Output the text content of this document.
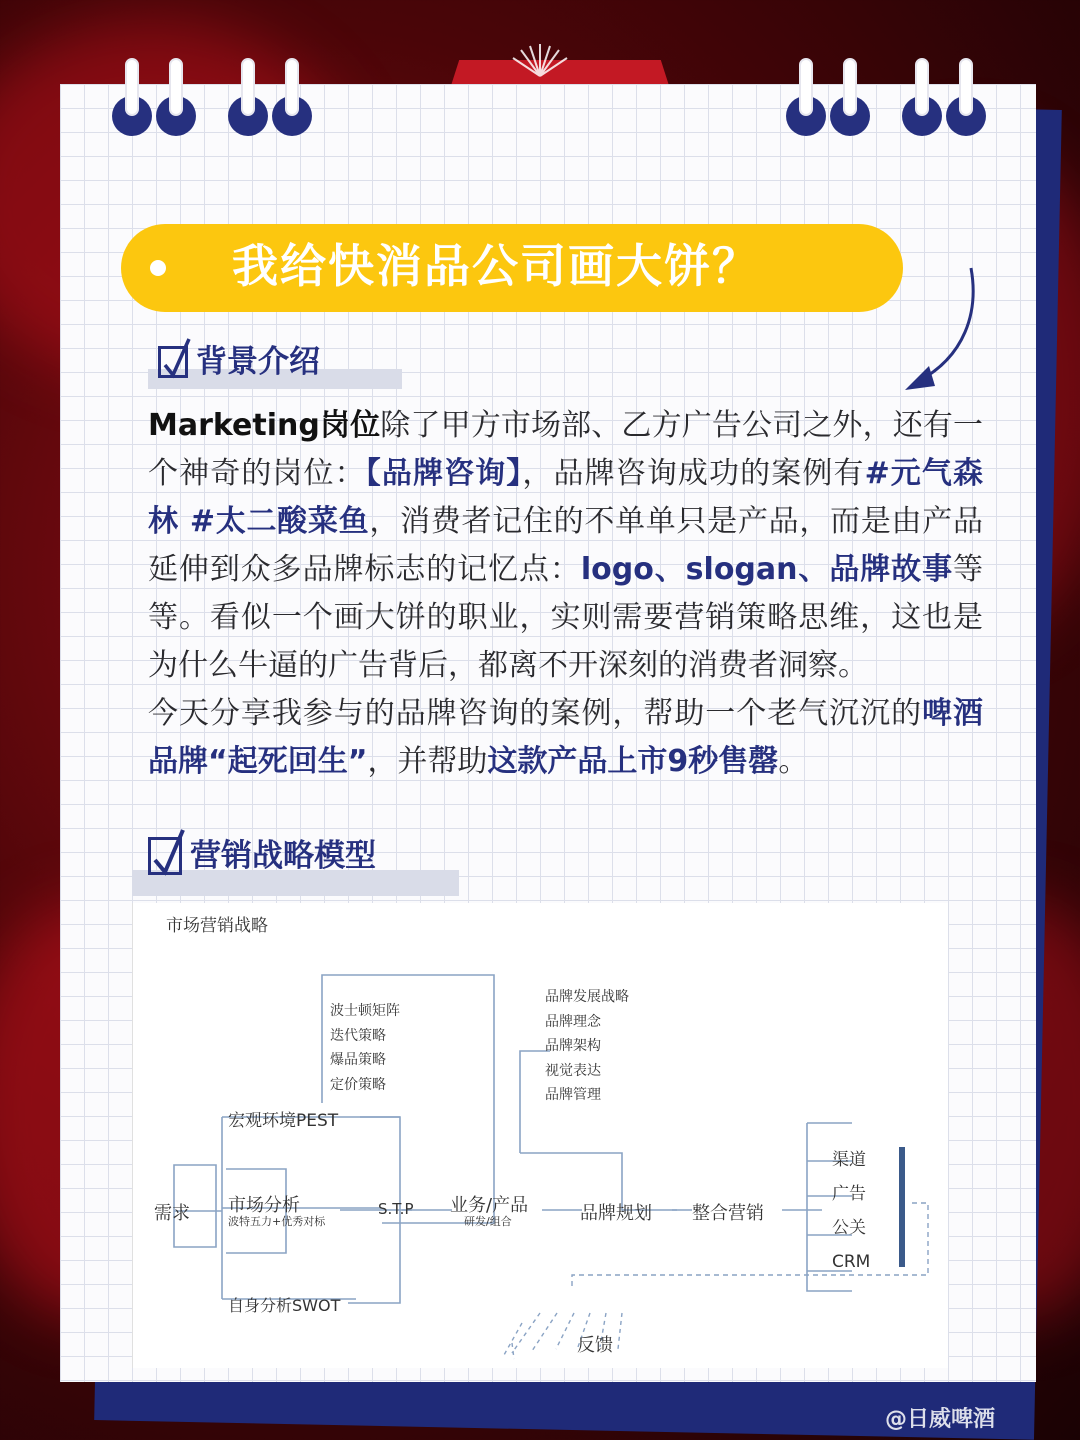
我给快消品公司画大饼？
背景介绍

Marketing岗位除了甲方市场部、乙方广告公司之外，还有一个神奇的岗位：【品牌咨询】，品牌咨询成功的案例有#元气森林 #太二酸菜鱼，消费者记住的不单单只是产品，而是由产品延伸到众多品牌标志的记忆点：logo、slogan、品牌故事等等。看似一个画大饼的职业，实则需要营销策略思维，这也是为什么牛逼的广告背后，都离不开深刻的消费者洞察。

今天分享我参与的品牌咨询的案例，帮助一个老气沉沉的啤酒品牌“起死回生”，并帮助这款产品上市9秒售罄。

营销战略模型
市场营销战略
波士顿矩阵
迭代策略
爆品策略
定价策略
品牌发展战略
品牌理念
品牌架构
视觉表达
品牌管理
宏观环境PEST
需求 市场分析
波特五力+优秀对标
S.T.P 业务/产品
研发/组合	品牌规划 整合营销
渠道
广告
公关
CRM
自身分析SWOT
反馈
@日威啤酒
